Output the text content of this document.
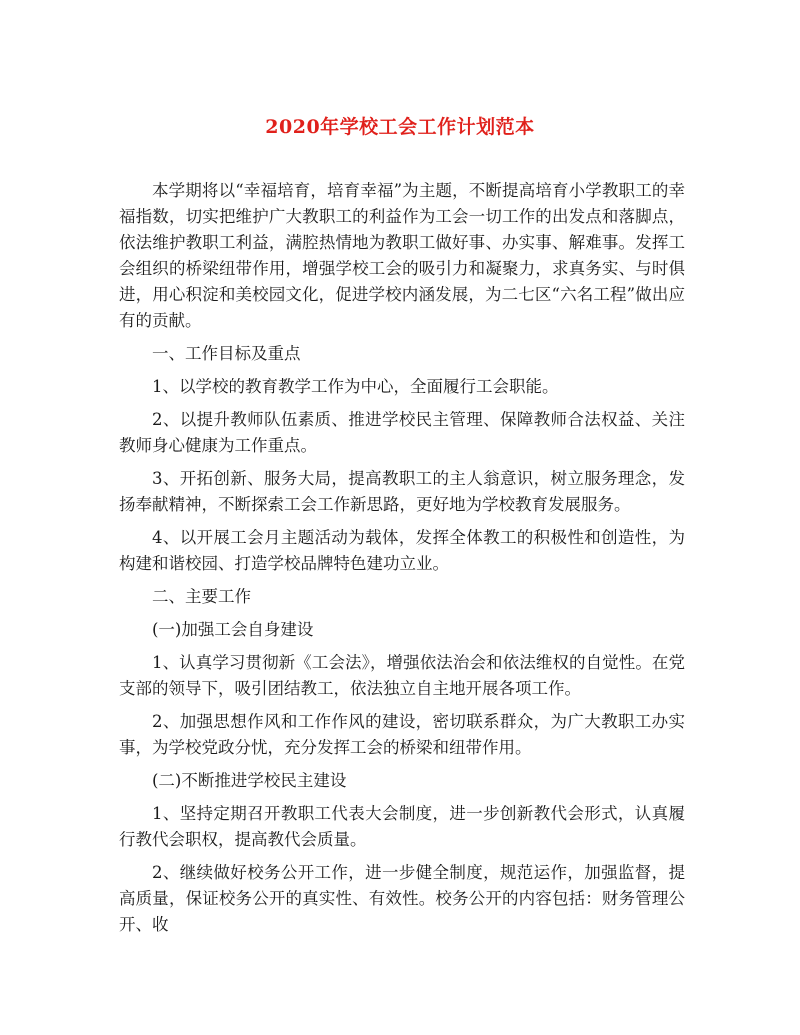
2020年学校工会工作计划范本

本学期将以“幸福培育，培育幸福”为主题，不断提高培育小学教职工的幸福指数，切实把维护广大教职工的利益作为工会一切工作的出发点和落脚点，依法维护教职工利益，满腔热情地为教职工做好事、办实事、解难事。发挥工会组织的桥梁纽带作用，增强学校工会的吸引力和凝聚力，求真务实、与时俱进，用心积淀和美校园文化，促进学校内涵发展，为二七区“六名工程”做出应有的贡献。

一、工作目标及重点

1、以学校的教育教学工作为中心，全面履行工会职能。

2、以提升教师队伍素质、推进学校民主管理、保障教师合法权益、关注教师身心健康为工作重点。

3、开拓创新、服务大局，提高教职工的主人翁意识，树立服务理念，发扬奉献精神，不断探索工会工作新思路，更好地为学校教育发展服务。

4、以开展工会月主题活动为载体，发挥全体教工的积极性和创造性，为构建和谐校园、打造学校品牌特色建功立业。

二、主要工作

(一)加强工会自身建设

1、认真学习贯彻新《工会法》，增强依法治会和依法维权的自觉性。在党支部的领导下，吸引团结教工，依法独立自主地开展各项工作。

2、加强思想作风和工作作风的建设，密切联系群众，为广大教职工办实事，为学校党政分忧，充分发挥工会的桥梁和纽带作用。

(二)不断推进学校民主建设

1、坚持定期召开教职工代表大会制度，进一步创新教代会形式，认真履行教代会职权，提高教代会质量。

2、继续做好校务公开工作，进一步健全制度，规范运作，加强监督，提高质量，保证校务公开的真实性、有效性。校务公开的内容包括：财务管理公开、收
